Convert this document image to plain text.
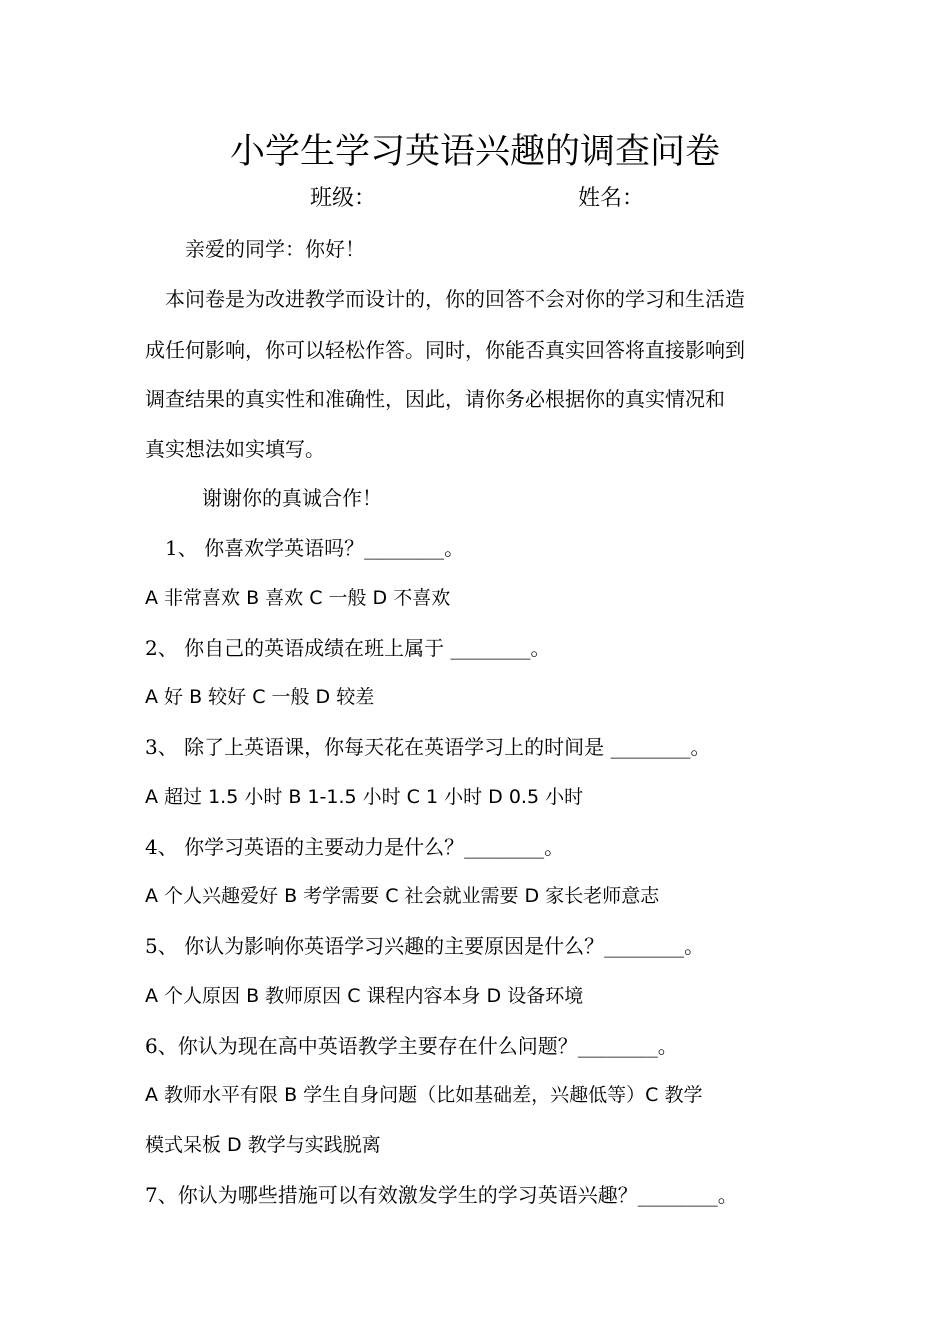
小学生学习英语兴趣的调查问卷
班级：	姓名：
亲爱的同学：你好！
本问卷是为改进教学而设计的，你的回答不会对你的学习和生活造
成任何影响，你可以轻松作答。同时，你能否真实回答将直接影响到
调查结果的真实性和准确性，因此，请你务必根据你的真实情况和
真实想法如实填写。
谢谢你的真诚合作！
1、 你喜欢学英语吗？________。
A 非常喜欢 B 喜欢 C 一般 D 不喜欢
2、 你自己的英语成绩在班上属于 ________。
A 好 B 较好 C 一般 D 较差
3、 除了上英语课，你每天花在英语学习上的时间是 ________。
A 超过 1.5 小时 B 1-1.5 小时 C 1 小时 D 0.5 小时
4、 你学习英语的主要动力是什么？________。
A 个人兴趣爱好 B 考学需要 C 社会就业需要 D 家长老师意志
5、 你认为影响你英语学习兴趣的主要原因是什么？________。
A 个人原因 B 教师原因 C 课程内容本身 D 设备环境
6、你认为现在高中英语教学主要存在什么问题？________。
A 教师水平有限 B 学生自身问题（比如基础差，兴趣低等）C 教学
模式呆板 D 教学与实践脱离
7、你认为哪些措施可以有效激发学生的学习英语兴趣？________。
